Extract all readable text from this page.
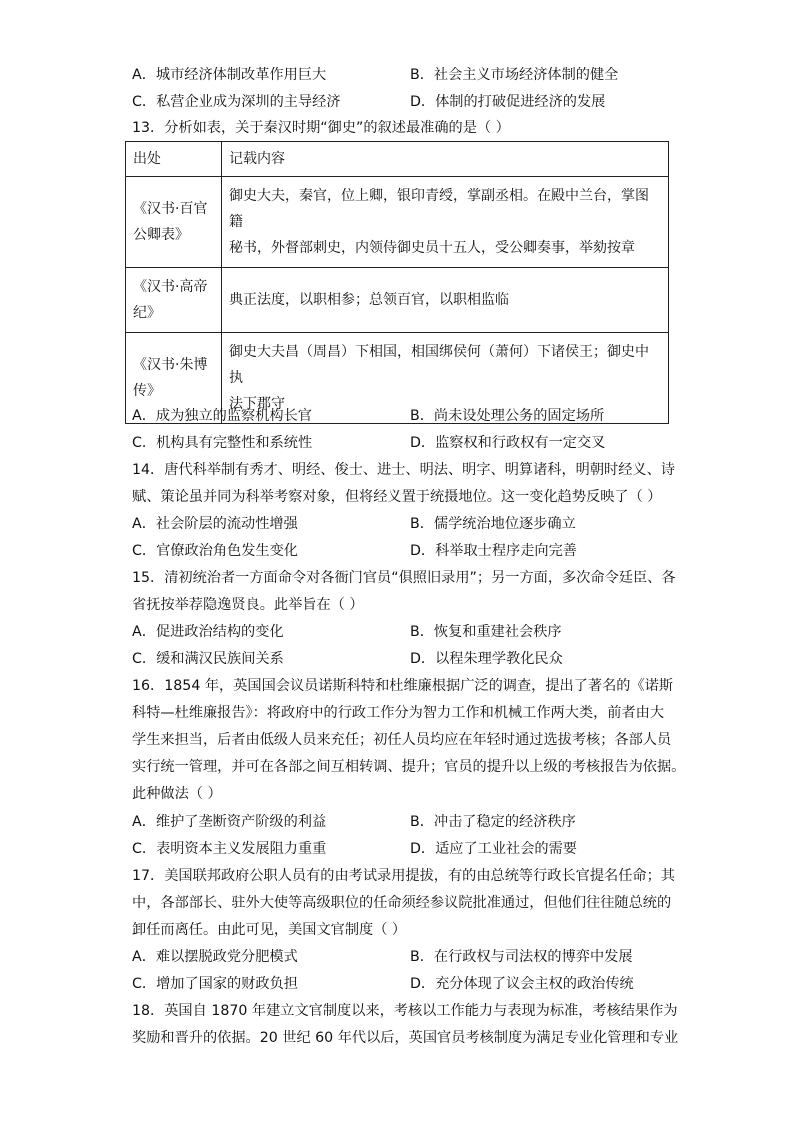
A．城市经济体制改革作用巨大	B．社会主义市场经济体制的健全
C．私营企业成为深圳的主导经济	D．体制的打破促进经济的发展
13．分析如表，关于秦汉时期“御史”的叙述最准确的是（ ）
出处	记载内容
《汉书·百官
公卿表》	御史大夫，秦官，位上卿，银印青绶，掌副丞相。在殿中兰台，掌图籍
秘书，外督部刺史，内领侍御史员十五人，受公卿奏事，举劾按章
《汉书·高帝
纪》	典正法度，以职相参；总领百官，以职相监临
《汉书·朱博
传》	御史大夫昌（周昌）下相国，相国绑侯何（萧何）下诸侯王；御史中执
法下郡守
A．成为独立的监察机构长官	B．尚未设处理公务的固定场所
C．机构具有完整性和系统性	D．监察权和行政权有一定交叉
14．唐代科举制有秀才、明经、俊士、进士、明法、明字、明算诸科，明朝时经义、诗
赋、策论虽并同为科举考察对象，但将经义置于统摄地位。这一变化趋势反映了（ ）
A．社会阶层的流动性增强	B．儒学统治地位逐步确立
C．官僚政治角色发生变化	D．科举取士程序走向完善
15．清初统治者一方面命令对各衙门官员“俱照旧录用”；另一方面，多次命令廷臣、各
省抚按举荐隐逸贤良。此举旨在（ ）
A．促进政治结构的变化	B．恢复和重建社会秩序
C．缓和满汉民族间关系	D．以程朱理学教化民众
16．1854 年，英国国会议员诺斯科特和杜维廉根据广泛的调查，提出了著名的《诺斯
科特—杜维廉报告》：将政府中的行政工作分为智力工作和机械工作两大类，前者由大
学生来担当，后者由低级人员来充任；初任人员均应在年轻时通过选拔考核；各部人员
实行统一管理，并可在各部之间互相转调、提升；官员的提升以上级的考核报告为依据。
此种做法（ ）
A．维护了垄断资产阶级的利益	B．冲击了稳定的经济秩序
C．表明资本主义发展阻力重重	D．适应了工业社会的需要
17．美国联邦政府公职人员有的由考试录用提拔，有的由总统等行政长官提名任命；其
中，各部部长、驻外大使等高级职位的任命须经参议院批准通过，但他们往往随总统的
卸任而离任。由此可见，美国文官制度（ ）
A．难以摆脱政党分肥模式	B．在行政权与司法权的博弈中发展
C．增加了国家的财政负担	D．充分体现了议会主权的政治传统
18．英国自 1870 年建立文官制度以来，考核以工作能力与表现为标准，考核结果作为
奖励和晋升的依据。20 世纪 60 年代以后，英国官员考核制度为满足专业化管理和专业
